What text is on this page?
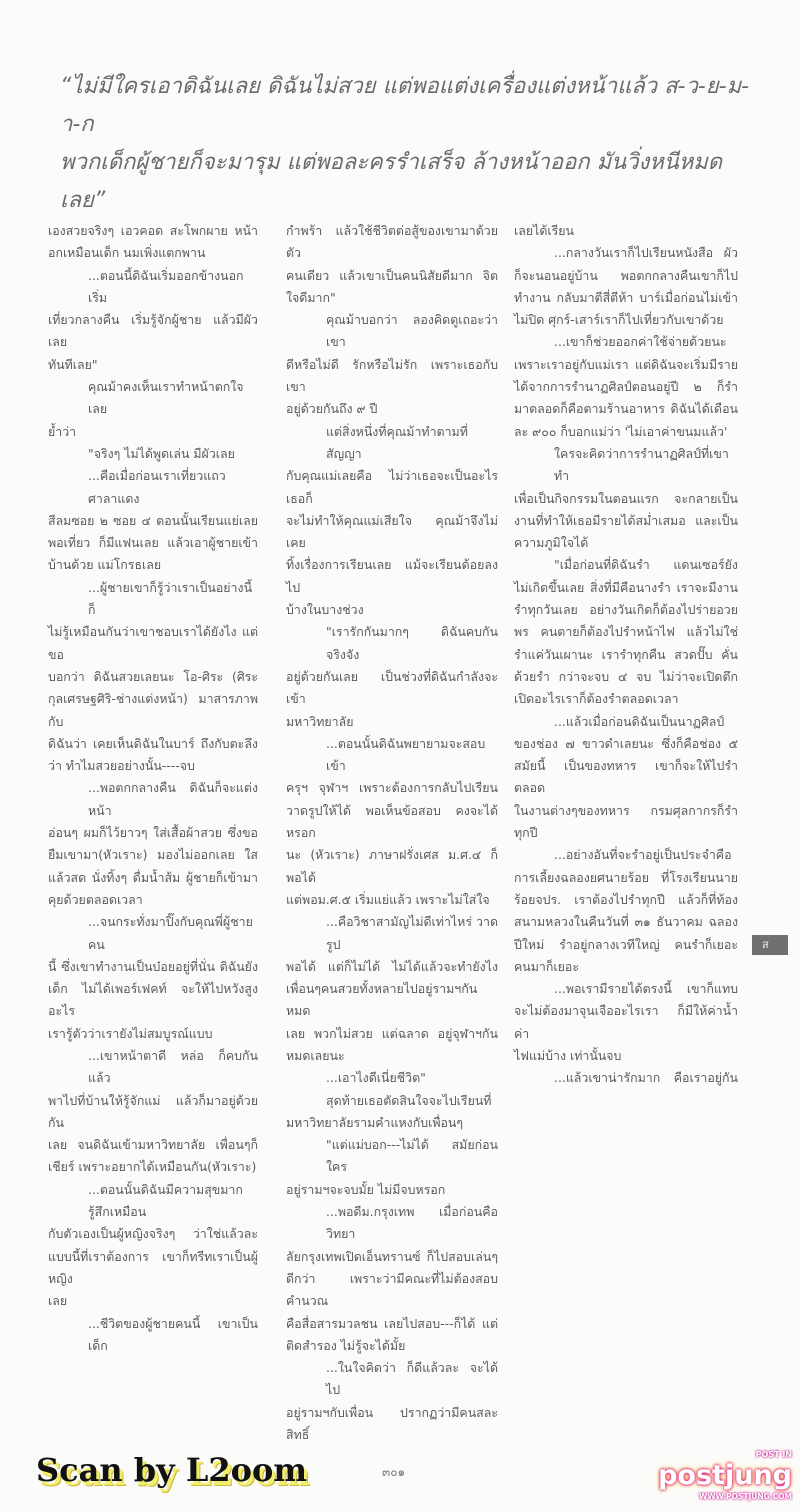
“ไม่มีใครเอาดิฉันเลย ดิฉันไม่สวย แต่พอแต่งเครื่องแต่งหน้าแล้ว ส-ว-ย-ม-า-ก
พวกเด็กผู้ชายก็จะมารุม แต่พอละครรำเสร็จ ล้างหน้าออก มันวิ่งหนีหมดเลย”
เองสวยจริงๆ เอวคอด สะโพกผาย หน้า
อกเหมือนเด็ก นมเพิ่งแตกพาน
...ตอนนี้ดิฉันเริ่มออกข้างนอก เริ่ม
เที่ยวกลางคืน เริ่มรู้จักผู้ชาย แล้วมีผัวเลย
ทันทีเลย"
คุณม้าคงเห็นเราทำหน้าตกใจ เลย
ย้ำว่า
"จริงๆ ไม่ได้พูดเล่น มีผัวเลย
...คือเมื่อก่อนเราเที่ยวแถวศาลาแดง
สีลมซอย ๒ ซอย ๔ ตอนนั้นเรียนแย่เลย
พอเที่ยว ก็มีแฟนเลย แล้วเอาผู้ชายเข้า
บ้านด้วย แม่โกรธเลย
...ผู้ชายเขาก็รู้ว่าเราเป็นอย่างนี้ ก็
ไม่รู้เหมือนกันว่าเขาชอบเราได้ยังไง แต่ขอ
บอกว่า ดิฉันสวยเลยนะ โอ-ศิระ (ศิระ
กุลเศรษฐศิริ-ช่างแต่งหน้า) มาสารภาพกับ
ดิฉันว่า เคยเห็นดิฉันในบาร์ ถึงกับตะลึง
ว่า ทำไมสวยอย่างนั้น----จบ
...พอตกกลางคืน ดิฉันก็จะแต่งหน้า
อ่อนๆ ผมก็ไว้ยาวๆ ใส่เสื้อผ้าสวย ซึ่งขอ
ยืมเขามา(หัวเราะ) มองไม่ออกเลย ใส
แล้วสด นั่งทิ้งๆ ดื่มน้ำส้ม ผู้ชายก็เข้ามา
คุยด้วยตลอดเวลา
...จนกระทั่งมาปิ๊งกับคุณพี่ผู้ชายคน
นี้ ซึ่งเขาทำงานเป็นบ๋อยอยู่ที่นั่น ดิฉันยัง
เด็ก ไม่ได้เพอร์เฟคท์ จะให้ไปหวังสูงอะไร
เรารู้ตัวว่าเรายังไม่สมบูรณ์แบบ
...เขาหน้าตาดี หล่อ ก็คบกัน แล้ว
พาไปที่บ้านให้รู้จักแม่ แล้วก็มาอยู่ด้วยกัน
เลย จนดิฉันเข้ามหาวิทยาลัย เพื่อนๆก็
เชียร์ เพราะอยากได้เหมือนกัน(หัวเราะ)
...ตอนนั้นดิฉันมีความสุขมากรู้สึกเหมือน
กับตัวเองเป็นผู้หญิงจริงๆ ว่าใช่แล้วละ
แบบนี้ที่เราต้องการ เขาก็ทรีทเราเป็นผู้หญิง
เลย
...ชีวิตของผู้ชายคนนี้ เขาเป็นเด็ก
กำพร้า แล้วใช้ชีวิตต่อสู้ของเขามาด้วยตัว
คนเดียว แล้วเขาเป็นคนนิสัยดีมาก จิต
ใจดีมาก"
คุณม้าบอกว่า ลองคิดดูเถอะว่าเขา
ดีหรือไม่ดี รักหรือไม่รัก เพราะเธอกับเขา
อยู่ด้วยกันถึง ๙ ปี
แต่สิ่งหนึ่งที่คุณม้าทำตามที่สัญญา
กับคุณแม่เลยคือ ไม่ว่าเธอจะเป็นอะไร เธอก็
จะไม่ทำให้คุณแม่เสียใจ คุณม้าจึงไม่เคย
ทิ้งเรื่องการเรียนเลย แม้จะเรียนด้อยลงไป
บ้างในบางช่วง
"เรารักกันมากๆ ดิฉันคบกันจริงจัง
อยู่ด้วยกันเลย เป็นช่วงที่ดิฉันกำลังจะเข้า
มหาวิทยาลัย
...ตอนนั้นดิฉันพยายามจะสอบเข้า
ครุฯ จุฬาฯ เพราะต้องการกลับไปเรียน
วาดรูปให้ได้ พอเห็นข้อสอบ คงจะได้หรอก
นะ (หัวเราะ) ภาษาฝรั่งเศส ม.ศ.๔ ก็พอได้
แต่พอม.ศ.๕ เริ่มแย่แล้ว เพราะไม่ใส่ใจ
...คือวิชาสามัญไม่ดีเท่าไหร่ วาดรูป
พอได้ แต่ก็ไม่ได้ ไม่ได้แล้วจะทำยังไง
เพื่อนๆคนสวยทั้งหลายไปอยู่รามฯกันหมด
เลย พวกไม่สวย แต่ฉลาด อยู่จุฬาฯกัน
หมดเลยนะ
...เอาไงดีเนี่ยชีวิต"
สุดท้ายเธอตัดสินใจจะไปเรียนที่
มหาวิทยาลัยรามคำแหงกับเพื่อนๆ
"แต่แม่บอก---ไม่ได้ สมัยก่อนใคร
อยู่รามฯจะจบมั้ย ไม่มีจบหรอก
...พอดีม.กรุงเทพ เมื่อก่อนคือวิทยา
ลัยกรุงเทพเปิดเอ็นทรานซ์ ก็ไปสอบเล่นๆ
ดีกว่า เพราะว่ามีคณะที่ไม่ต้องสอบคำนวณ
คือสื่อสารมวลชน เลยไปสอบ---ก็ได้ แต่
ติดสำรอง ไม่รู้จะได้มั้ย
...ในใจคิดว่า ก็ดีแล้วละ จะได้ไป
อยู่รามฯกับเพื่อน ปรากฏว่ามีคนสละสิทธิ์
เลยได้เรียน
...กลางวันเราก็ไปเรียนหนังสือ ผัว
ก็จะนอนอยู่บ้าน พอตกกลางคืนเขาก็ไป
ทำงาน กลับมาตีสี่ตีห้า บาร์เมื่อก่อนไม่เข้า
ไม่ปิด ศุกร์-เสาร์เราก็ไปเที่ยวกับเขาด้วย
...เขาก็ช่วยออกค่าใช้จ่ายด้วยนะ
เพราะเราอยู่กับแม่เรา แต่ดิฉันจะเริ่มมีราย
ได้จากการรำนาฏศิลป์ตอนอยู่ปี ๒ ก็รำ
มาตลอดก็คือตามร้านอาหาร ดิฉันได้เดือน
ละ ๙๐๐ ก็บอกแม่ว่า 'ไม่เอาค่าขนมแล้ว'
ใครจะคิดว่าการรำนาฏศิลป์ที่เขาทำ
เพื่อเป็นกิจกรรมในตอนแรก จะกลายเป็น
งานที่ทำให้เธอมีรายได้สม่ำเสมอ และเป็น
ความภูมิใจได้
"เมื่อก่อนที่ดิฉันรำ แดนเซอร์ยัง
ไม่เกิดขึ้นเลย สิ่งที่มีคือนางรำ เราจะมีงาน
รำทุกวันเลย อย่างวันเกิดก็ต้องไปร่ายอวย
พร คนตายก็ต้องไปรำหน้าไฟ แล้วไม่ใช่
รำแค่วันเผานะ เรารำทุกคืน สวดปั๊บ คั่น
ด้วยรำ กว่าจะจบ ๔ จบ ไม่ว่าจะเปิดตึก
เปิดอะไรเราก็ต้องรำตลอดเวลา
...แล้วเมื่อก่อนดิฉันเป็นนาฏศิลป์
ของช่อง ๗ ขาวดำเลยนะ ซึ่งก็คือช่อง ๕
สมัยนี้ เป็นของทหาร เขาก็จะให้ไปรำตลอด
ในงานต่างๆของทหาร กรมศุลกากรก็รำ
ทุกปี
...อย่างอันที่จะรำอยู่เป็นประจำคือ
การเลี้ยงฉลองยศนายร้อย ที่โรงเรียนนาย
ร้อยจปร. เราต้องไปรำทุกปี แล้วก็ที่ท้อง
สนามหลวงในคืนวันที่ ๓๑ ธันวาคม ฉลอง
ปีใหม่ รำอยู่กลางเวทีใหญ่ คนรำก็เยอะ
คนมาก็เยอะ
...พอเรามีรายได้ตรงนี้ เขาก็แทบ
จะไม่ต้องมาจุนเจืออะไรเรา ก็มีให้ค่าน้ำค่า
ไฟแม่บ้าง เท่านั้นจบ
...แล้วเขาน่ารักมาก คือเราอยู่กัน
ส
Scan by L2oom	๓๐๑
POST IN
postjung
WWW.POSTJUNG.COM
